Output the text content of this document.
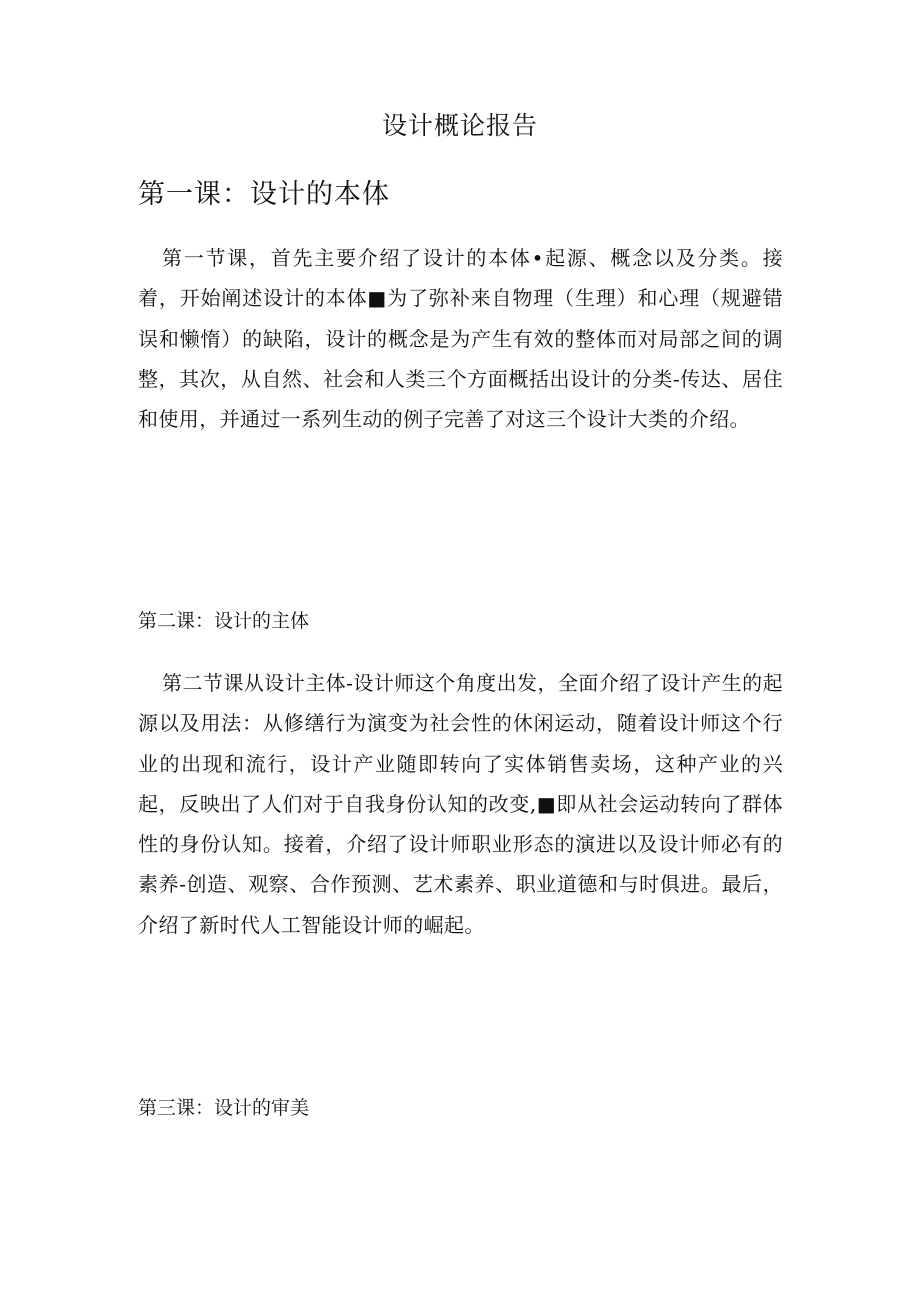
设计概论报告
第一课：设计的本体
第一节课，首先主要介绍了设计的本体•起源、概念以及分类。接着，开始阐述设计的本体■为了弥补来自物理（生理）和心理（规避错误和懒惰）的缺陷，设计的概念是为产生有效的整体而对局部之间的调整，其次，从自然、社会和人类三个方面概括出设计的分类-传达、居住和使用，并通过一系列生动的例子完善了对这三个设计大类的介绍。
第二课：设计的主体
第二节课从设计主体-设计师这个角度出发，全面介绍了设计产生的起源以及用法：从修缮行为演变为社会性的休闲运动，随着设计师这个行业的出现和流行，设计产业随即转向了实体销售卖场，这种产业的兴起，反映出了人们对于自我身份认知的改变,■即从社会运动转向了群体性的身份认知。接着，介绍了设计师职业形态的演进以及设计师必有的素养-创造、观察、合作预测、艺术素养、职业道德和与时俱进。最后，介绍了新时代人工智能设计师的崛起。
第三课：设计的审美
